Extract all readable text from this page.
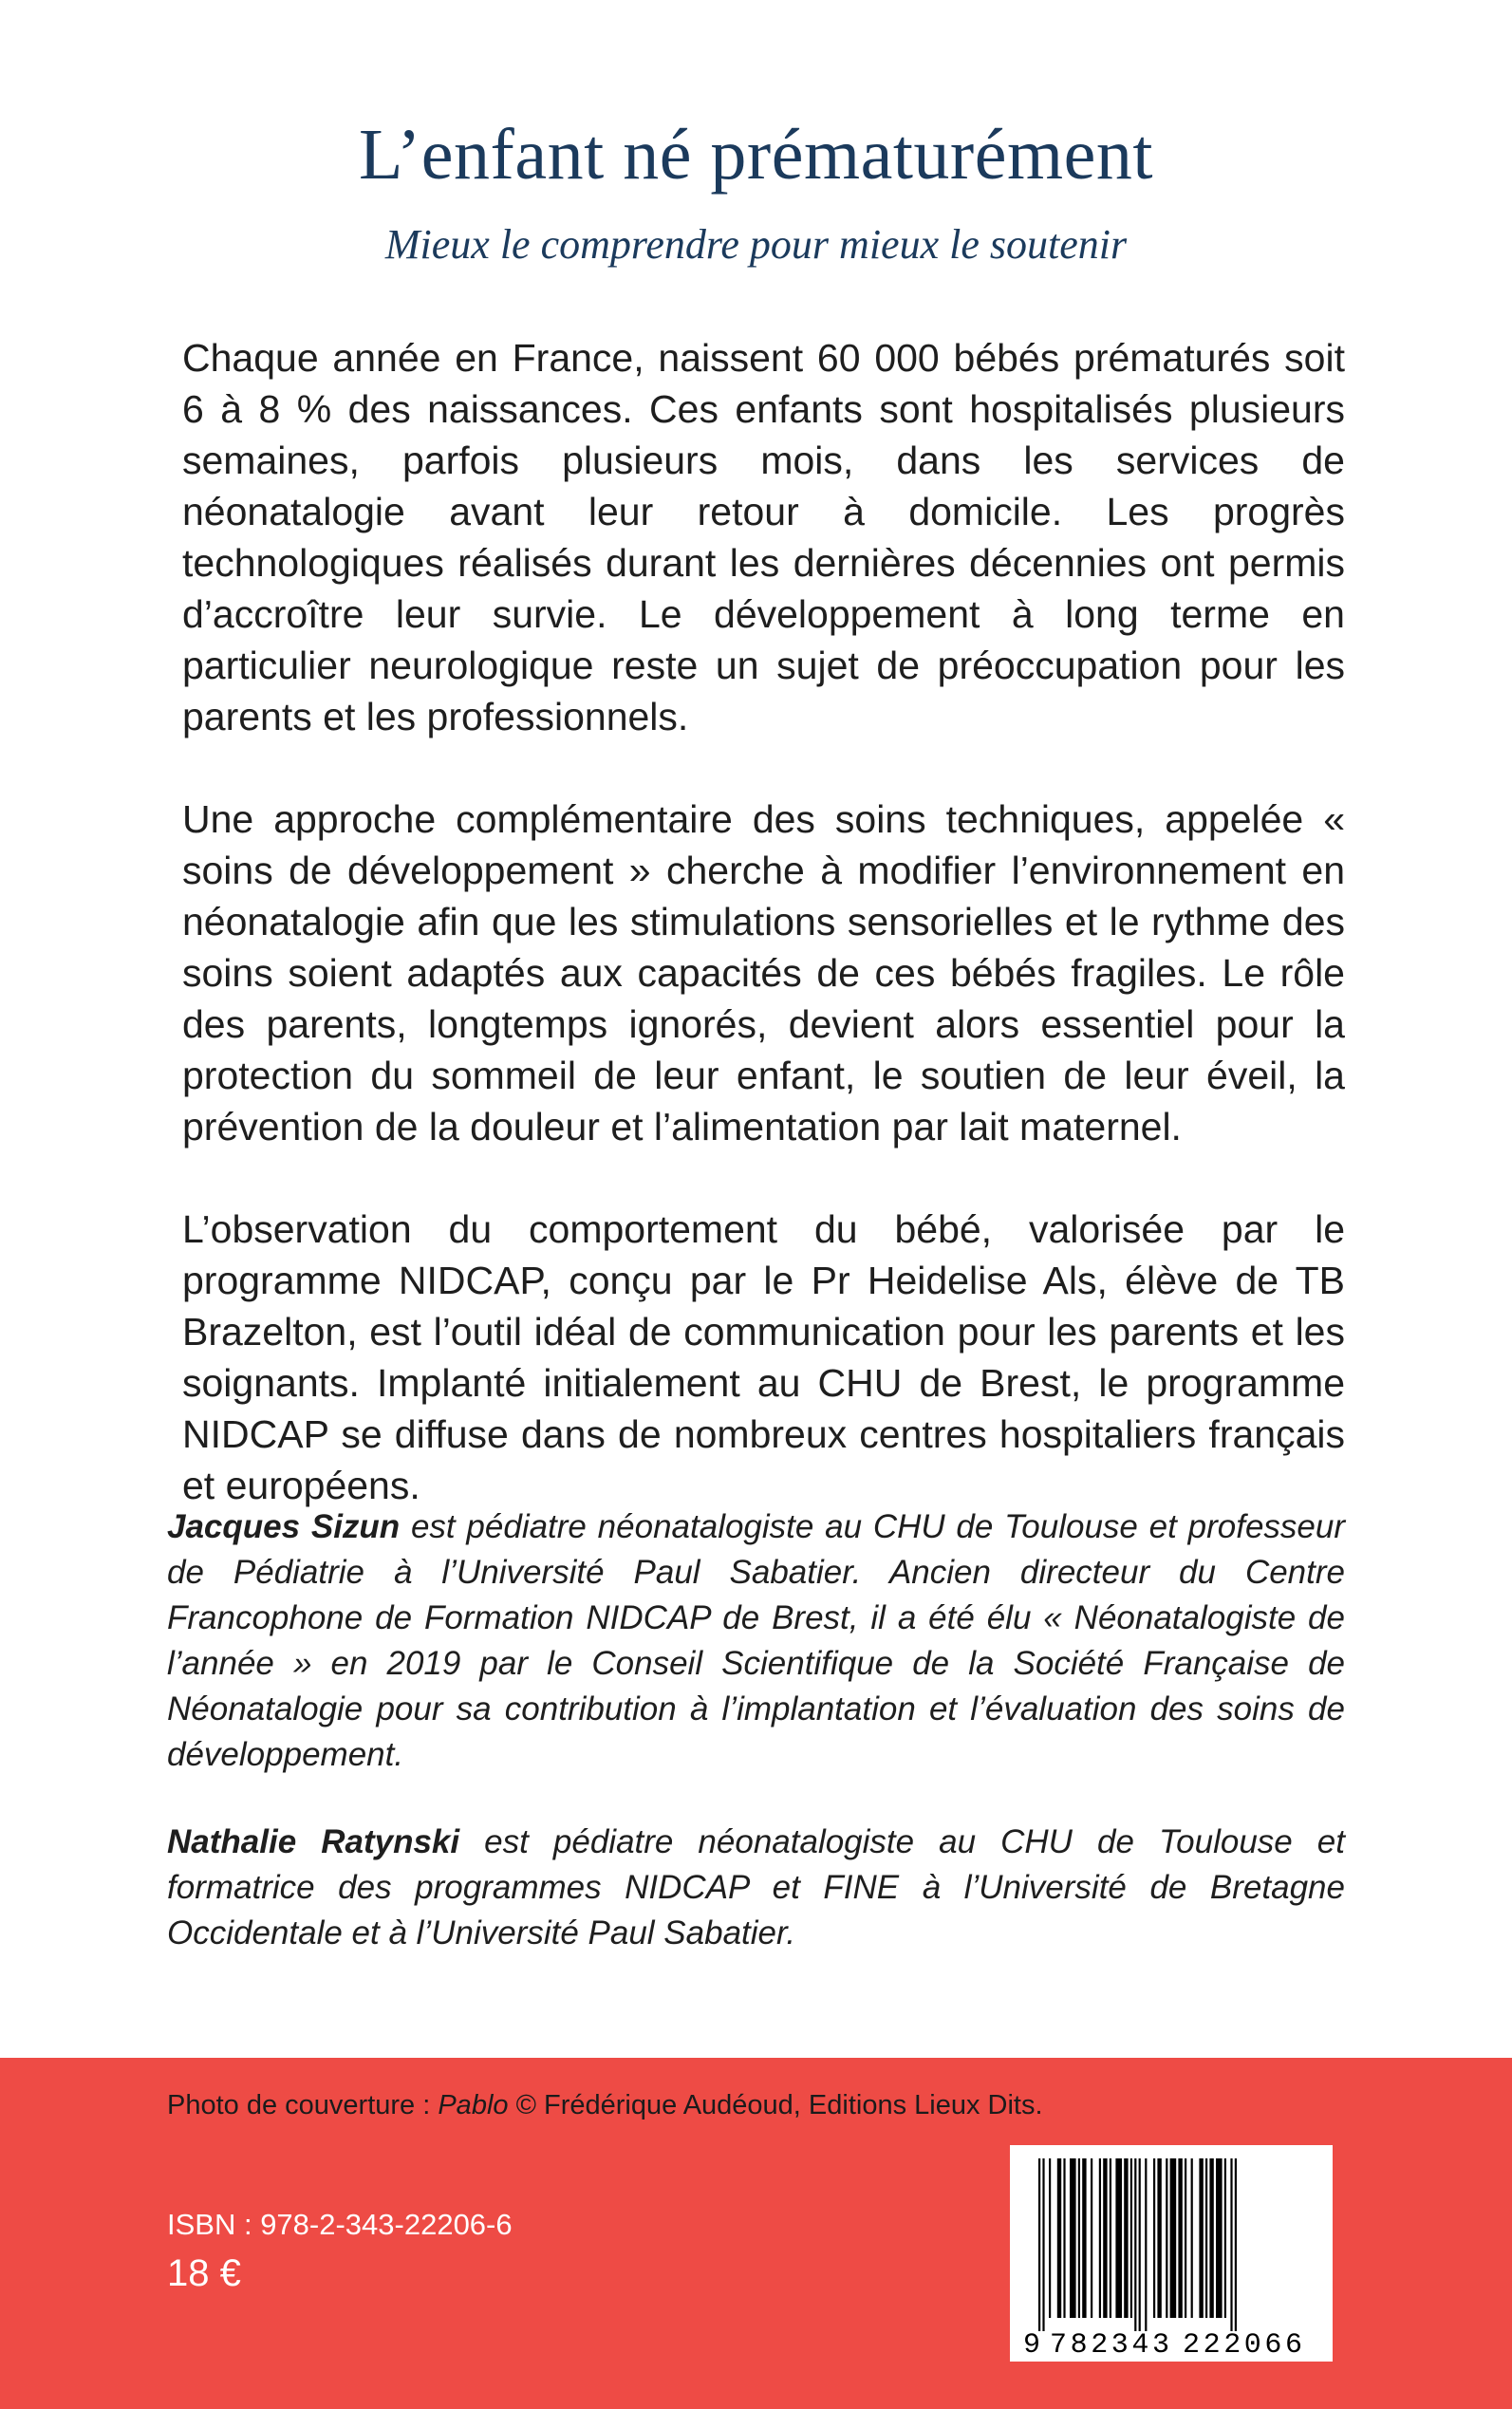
L’enfant né prématurément
Mieux le comprendre pour mieux le soutenir

Chaque année en France, naissent 60 000 bébés prématurés soit 6 à 8 % des naissances. Ces enfants sont hospitalisés plusieurs semaines, parfois plusieurs mois, dans les services de néonatalogie avant leur retour à domicile. Les progrès technologiques réalisés durant les dernières décennies ont permis d’accroître leur survie. Le développement à long terme en particulier neurologique reste un sujet de préoccupation pour les parents et les professionnels.

Une approche complémentaire des soins techniques, appelée « soins de développement » cherche à modifier l’environnement en néonatalogie afin que les stimulations sensorielles et le rythme des soins soient adaptés aux capacités de ces bébés fragiles. Le rôle des parents, longtemps ignorés, devient alors essentiel pour la protection du sommeil de leur enfant, le soutien de leur éveil, la prévention de la douleur et l’alimentation par lait maternel.

L’observation du comportement du bébé, valorisée par le programme NIDCAP, conçu par le Pr Heidelise Als, élève de TB Brazelton, est l’outil idéal de communication pour les parents et les soignants. Implanté initialement au CHU de Brest, le programme NIDCAP se diffuse dans de nombreux centres hospitaliers français et européens.

Jacques Sizun est pédiatre néonatalogiste au CHU de Toulouse et professeur de Pédiatrie à l’Université Paul Sabatier. Ancien directeur du Centre Francophone de Formation NIDCAP de Brest, il a été élu « Néonatalogiste de l’année » en 2019 par le Conseil Scientifique de la Société Française de Néonatalogie pour sa contribution à l’implantation et l’évaluation des soins de développement.

Nathalie Ratynski est pédiatre néonatalogiste au CHU de Toulouse et formatrice des programmes NIDCAP et FINE à l’Université de Bretagne Occidentale et à l’Université Paul Sabatier.

Photo de couverture : Pablo © Frédérique Audéoud, Editions Lieux Dits.
ISBN : 978-2-343-22206-6
18 €
9 782343 222066
